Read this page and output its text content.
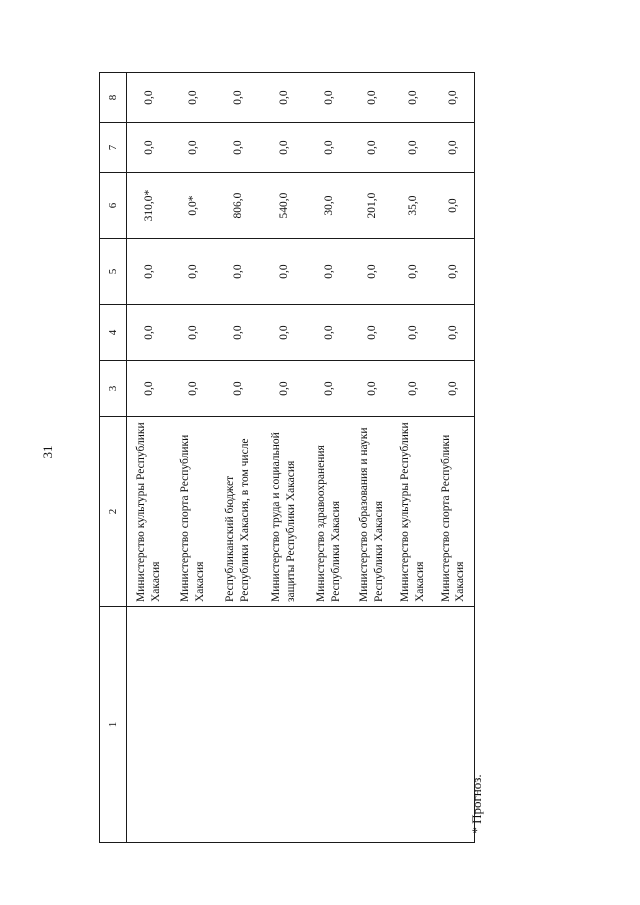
31
1	2	3	4	5	6	7	8
	Министерство культуры Республики Хакасия	0,0	0,0	0,0	310,0*	0,0	0,0
	Министерство спорта Республики Хакасия	0,0	0,0	0,0	0,0*	0,0	0,0
	Республиканский бюджет Республики Хакасия, в том числе	0,0	0,0	0,0	806,0	0,0	0,0
	Министерство труда и социальной защиты Республики Хакасия	0,0	0,0	0,0	540,0	0,0	0,0
	Министерство здравоохранения Республики Хакасия	0,0	0,0	0,0	30,0	0,0	0,0
	Министерство образования и науки Республики Хакасия	0,0	0,0	0,0	201,0	0,0	0,0
	Министерство культуры Республики Хакасия	0,0	0,0	0,0	35,0	0,0	0,0
	Министерство спорта Республики Хакасия	0,0	0,0	0,0	0,0	0,0	0,0
* Прогноз.
